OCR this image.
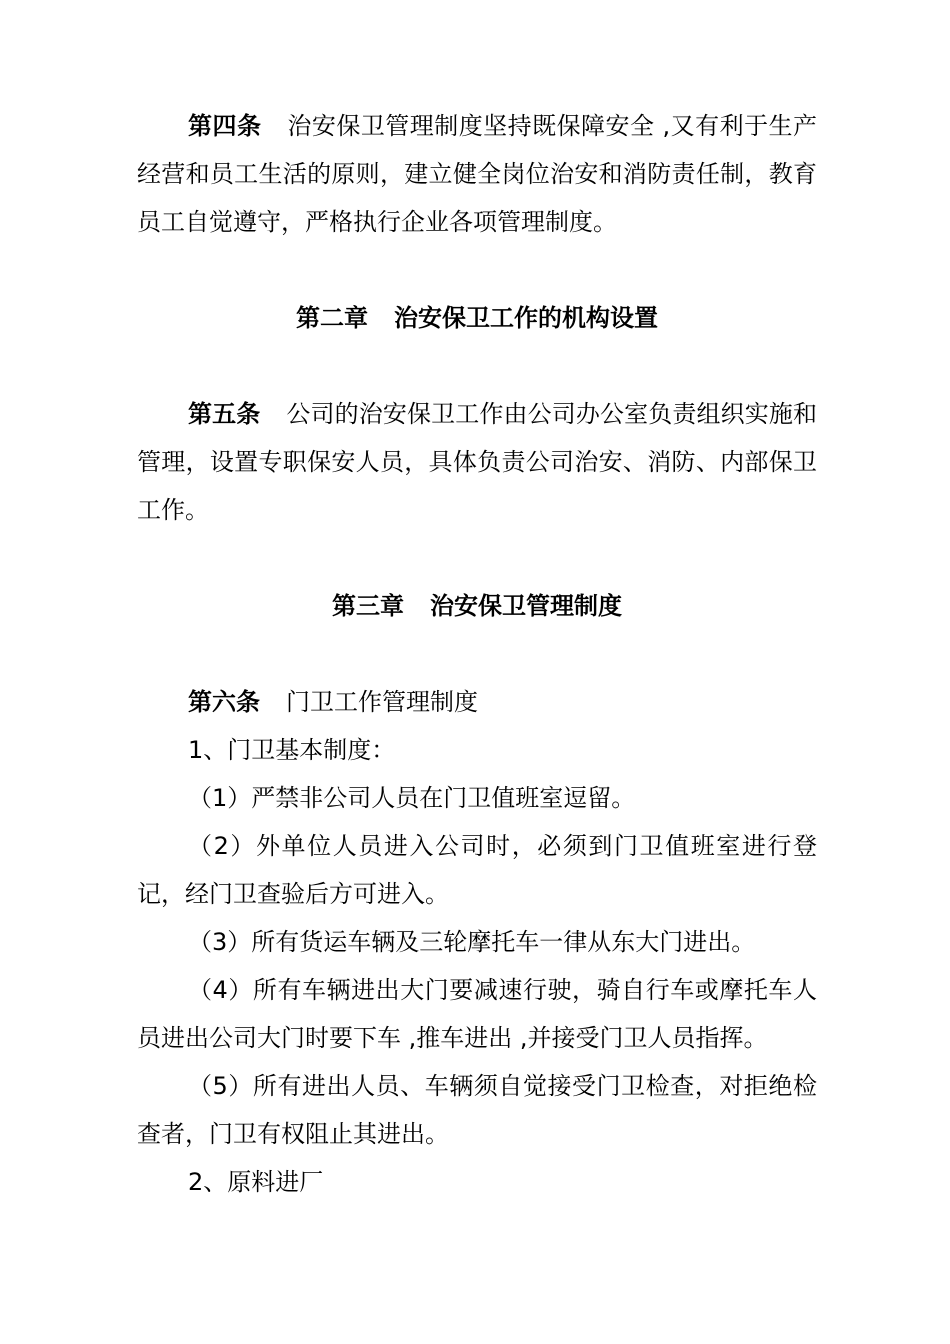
第四条 治安保卫管理制度坚持既保障安全 ,又有利于生产经营和员工生活的原则，建立健全岗位治安和消防责任制，教育员工自觉遵守，严格执行企业各项管理制度。

第二章 治安保卫工作的机构设置

第五条 公司的治安保卫工作由公司办公室负责组织实施和管理，设置专职保安人员，具体负责公司治安、消防、内部保卫工作。

第三章 治安保卫管理制度

第六条 门卫工作管理制度

1、门卫基本制度：

（1）严禁非公司人员在门卫值班室逗留。

（2）外单位人员进入公司时，必须到门卫值班室进行登记，经门卫查验后方可进入。

（3）所有货运车辆及三轮摩托车一律从东大门进出。

（4）所有车辆进出大门要减速行驶，骑自行车或摩托车人员进出公司大门时要下车 ,推车进出 ,并接受门卫人员指挥。

（5）所有进出人员、车辆须自觉接受门卫检查，对拒绝检查者，门卫有权阻止其进出。

2、原料进厂
